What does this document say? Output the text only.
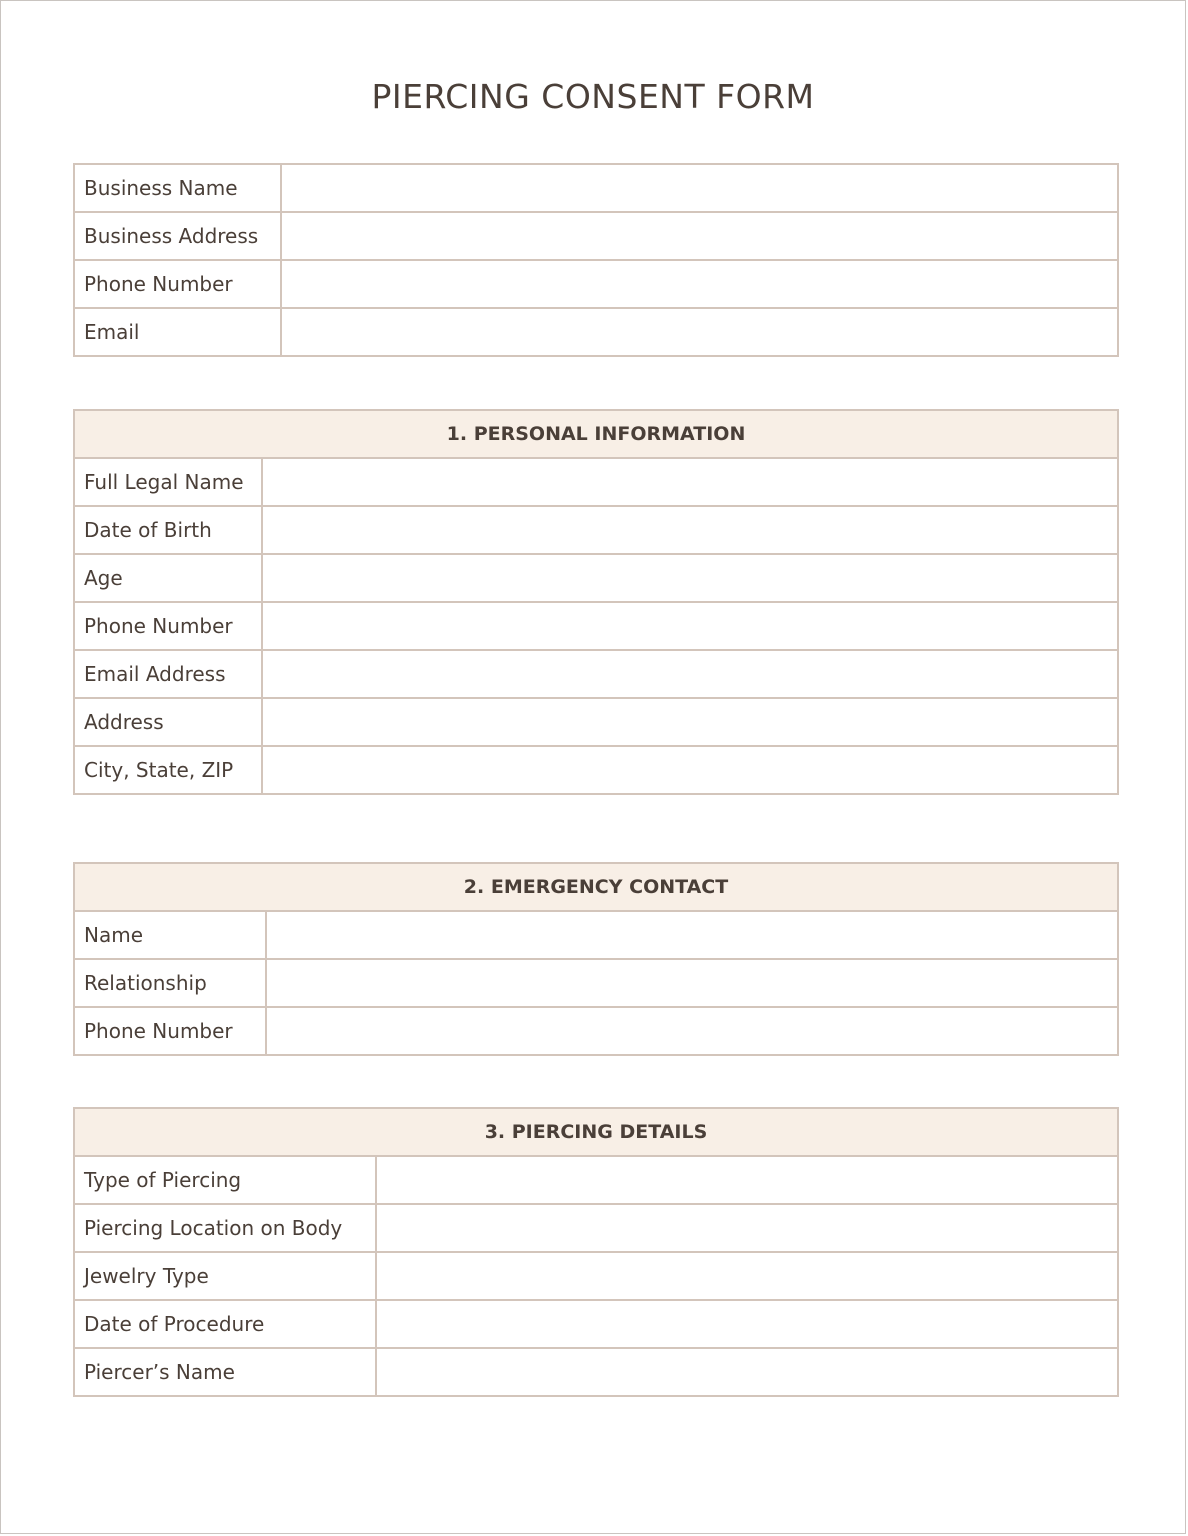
PIERCING CONSENT FORM
Business Name	
Business Address	
Phone Number	
Email	
1. PERSONAL INFORMATION	
Full Legal Name	
Date of Birth	
Age	
Phone Number	
Email Address	
Address	
City, State, ZIP	
2. EMERGENCY CONTACT	
Name	
Relationship	
Phone Number	
3. PIERCING DETAILS	
Type of Piercing	
Piercing Location on Body	
Jewelry Type	
Date of Procedure	
Piercer’s Name	
